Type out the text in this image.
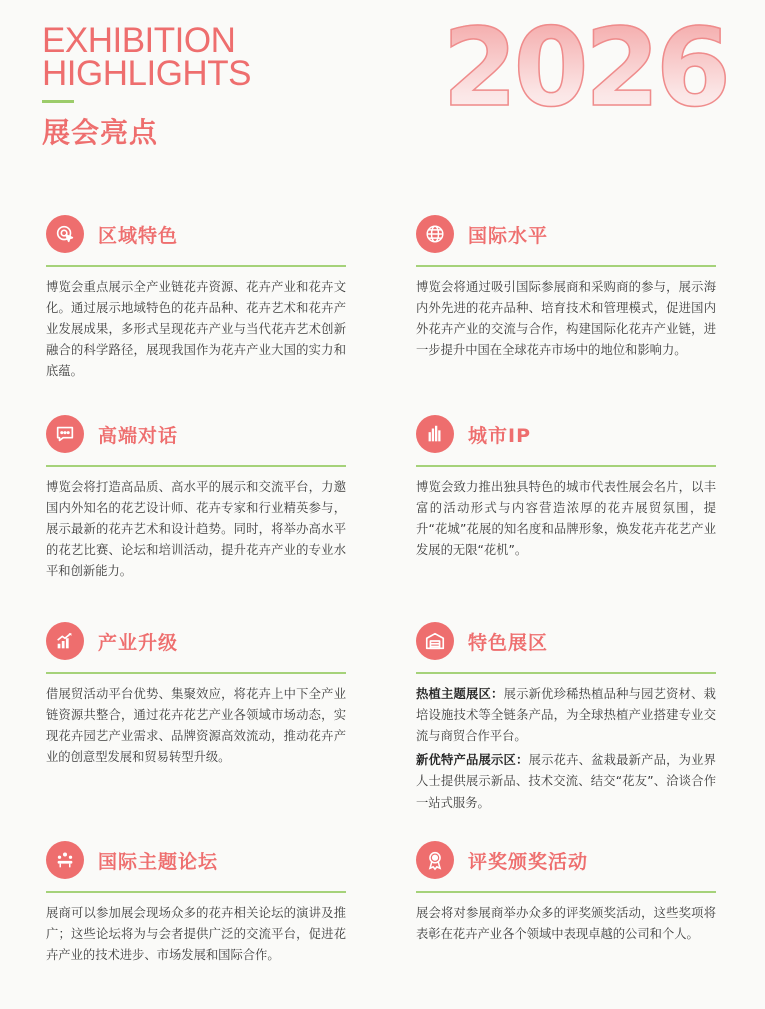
EXHIBITION
HIGHLIGHTS
展会亮点
2026
区域特色
博览会重点展示全产业链花卉资源、花卉产业和花卉文化。通过展示地域特色的花卉品种、花卉艺术和花卉产业发展成果，多形式呈现花卉产业与当代花卉艺术创新融合的科学路径，展现我国作为花卉产业大国的实力和底蕴。
国际水平
博览会将通过吸引国际参展商和采购商的参与，展示海内外先进的花卉品种、培育技术和管理模式，促进国内外花卉产业的交流与合作，构建国际化花卉产业链，进一步提升中国在全球花卉市场中的地位和影响力。
高端对话
博览会将打造高品质、高水平的展示和交流平台，力邀国内外知名的花艺设计师、花卉专家和行业精英参与，展示最新的花卉艺术和设计趋势。同时，将举办高水平的花艺比赛、论坛和培训活动，提升花卉产业的专业水平和创新能力。
城市IP
博览会致力推出独具特色的城市代表性展会名片，以丰富的活动形式与内容营造浓厚的花卉展贸氛围，提升“花城”花展的知名度和品牌形象，焕发花卉花艺产业发展的无限“花机”。
产业升级
借展贸活动平台优势、集聚效应，将花卉上中下全产业链资源共整合，通过花卉花艺产业各领域市场动态，实现花卉园艺产业需求、品牌资源高效流动，推动花卉产业的创意型发展和贸易转型升级。
特色展区
热植主题展区：展示新优珍稀热植品种与园艺资材、栽培设施技术等全链条产品，为全球热植产业搭建专业交流与商贸合作平台。
新优特产品展示区：展示花卉、盆栽最新产品，为业界人士提供展示新品、技术交流、结交“花友”、洽谈合作一站式服务。
国际主题论坛
展商可以参加展会现场众多的花卉相关论坛的演讲及推广；这些论坛将为与会者提供广泛的交流平台，促进花卉产业的技术进步、市场发展和国际合作。
评奖颁奖活动
展会将对参展商举办众多的评奖颁奖活动，这些奖项将表彰在花卉产业各个领域中表现卓越的公司和个人。
